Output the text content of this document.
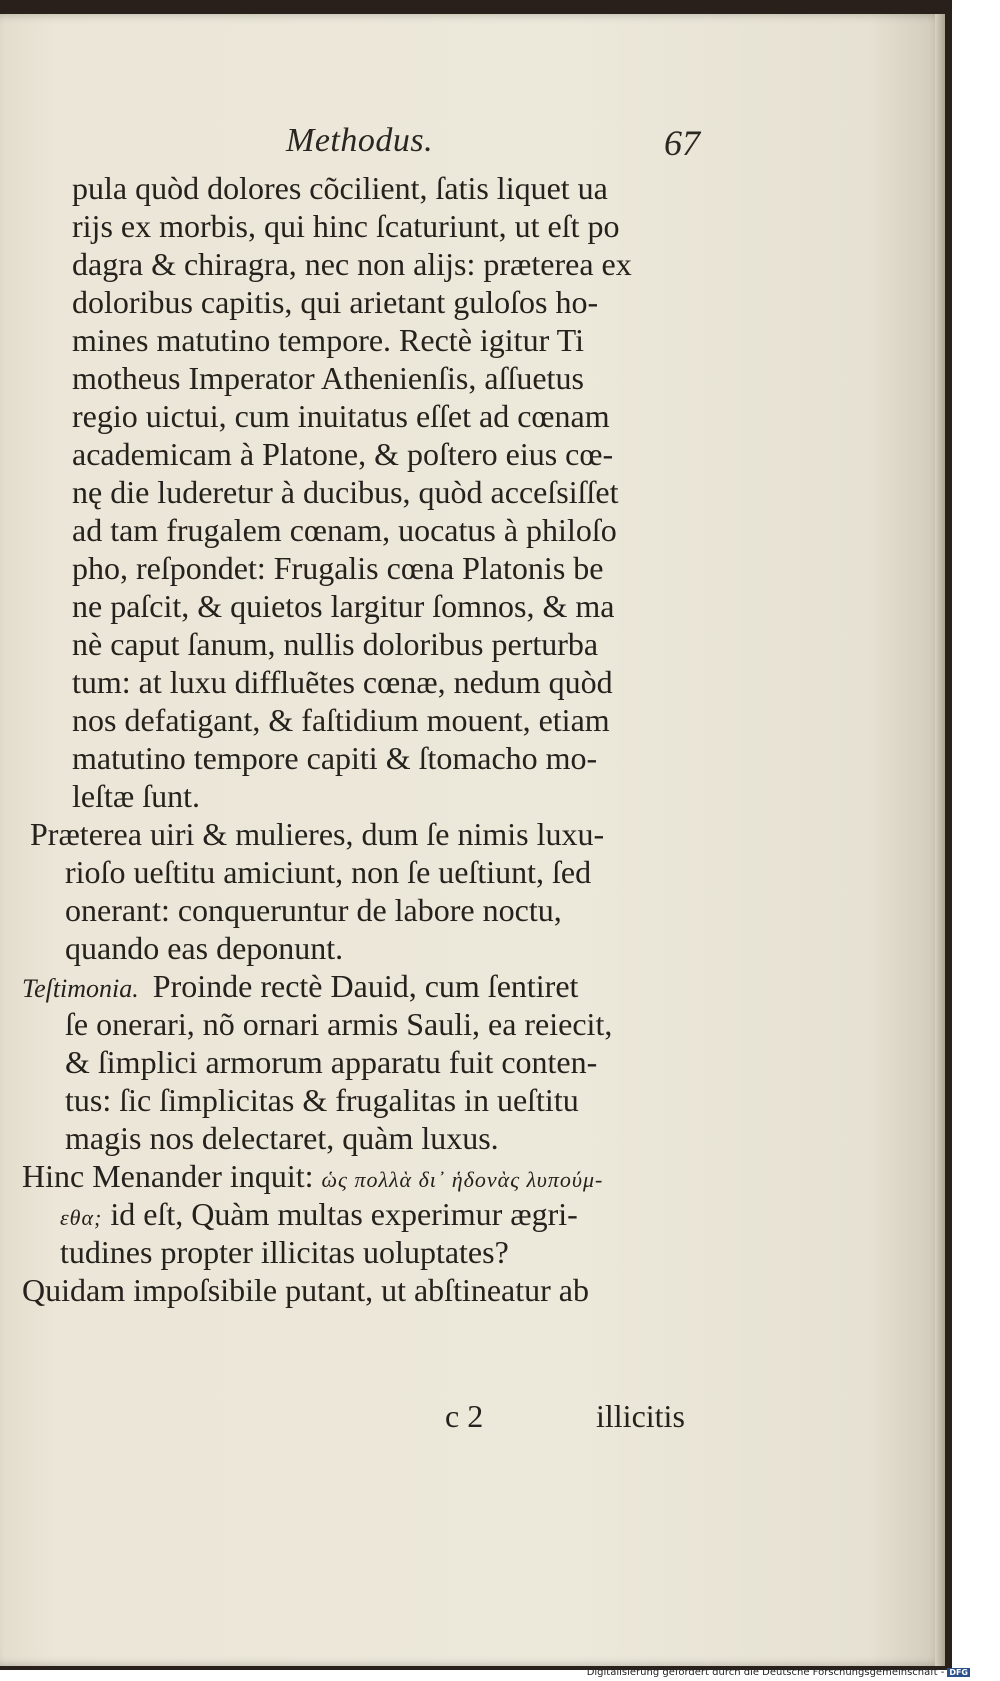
Methodus.	67
pula quòd dolores cõcilient, ſatis liquet ua
rijs ex morbis, qui hinc ſcaturiunt, ut eſt po
dagra & chiragra, nec non alijs: præterea ex
doloribus capitis, qui arietant guloſos ho-
mines matutino tempore. Rectè igitur Ti
motheus Imperator Athenienſis, aſſuetus
regio uictui, cum inuitatus eſſet ad cœnam
academicam à Platone, & poſtero eius cœ-
nę die luderetur à ducibus, quòd acceſsiſſet
ad tam frugalem cœnam, uocatus à philoſo
pho, reſpondet: Frugalis cœna Platonis be
ne paſcit, & quietos largitur ſomnos, & ma
nè caput ſanum, nullis doloribus perturba
tum: at luxu diffluẽtes cœnæ, nedum quòd
nos defatigant, & faſtidium mouent, etiam
matutino tempore capiti & ſtomacho mo-
leſtæ ſunt.
Præterea uiri & mulieres, dum ſe nimis luxu-
rioſo ueſtitu amiciunt, non ſe ueſtiunt, ſed
onerant: conqueruntur de labore noctu,
quando eas deponunt.
Teſtimonia. Proinde rectè Dauid, cum ſentiret
ſe onerari, nõ ornari armis Sauli, ea reiecit,
& ſimplici armorum apparatu fuit conten-
tus: ſic ſimplicitas & frugalitas in ueſtitu
magis nos delectaret, quàm luxus.
Hinc Menander inquit: ὡς πολλὰ δι᾽ ἡδονὰς λυπούμ-
εθα; id eſt, Quàm multas experimur ægri-
tudines propter illicitas uoluptates?
Quidam impoſsibile putant, ut abſtineatur ab
c 2	illicitis
Digitalisierung gefördert durch die Deutsche Forschungsgemeinschaft - DFG
